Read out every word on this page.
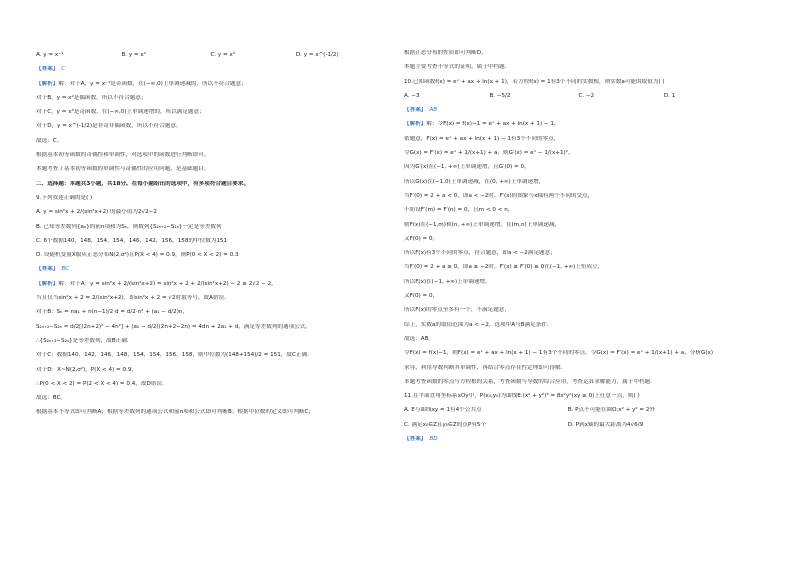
A. y = x⁻¹	B. y = x²	C. y = x³	D. y = x^(-1/2)
【答案】 C
【解析】解：对于A，y = x⁻¹是奇函数，在(−∞,0)上单调递减的，所以不符合题意；
对于B，y = x²是偶函数，所以不符合题意；
对于C，y = x³是奇函数，在(−∞,0)上单调递增的，所以满足题意；
对于D，y = x^(-1/2)是非奇非偶函数，所以不符合题意。
故选：C。
根据基本初等函数的奇偶性和单调性，对选项中的函数进行判断即可。
本题考查了基本初等函数的单调性与奇偶性的应用问题，是基础题目。
二、选择题：本题共3小题，共18分。在每小题给出的选项中，有多项符合题目要求。
9.下列叙述正确的是( )
A. y = sin²x + 2/(sin²x+2) 的最小值为2√2−2
B. 已知等差数列{aₙ}的前n项和为Sₙ，则数列{S₂ₙ₊₂−S₂ₙ}一定是等差数列
C. 6个数据140，148，154，154，146，142，156，158的中位数为151
D. 设随机变量X服从正态分布N(2,σ²)且P(X < 4) = 0.9，则P(0 < X < 2) = 0.3
【答案】 BC
【解析】解：对于A：y = sin²x + 2/(sin²x+2) = sin²x + 2 + 2/(sin²x+2) − 2 ≥ 2√2 − 2，
当且仅当sin²x + 2 = 2/(sin²x+2)，即sin²x + 2 = √2时取等号，故A错误．
对于B：Sₙ = na₁ + n(n−1)/2·d = d/2·n² + (a₁ − d/2)n，
S₂ₙ₊₂−S₂ₙ = d/2[(2n+2)² − 4n²] + (a₁ − d/2)(2n+2−2n) = 4dn + 2a₁ + d，满足等差数列的通项公式，
∴{S₂ₙ₊₂−S₂ₙ}是等差数列，故B正确．
对于C：数据140，142，146，148，154，154，156，158，则中位数为(148+154)/2 = 151，故C正确．
对于D：X~N(2,σ²)，P(X < 4) = 0.9，
∴P(0 < X < 2) = P(2 < X < 4) = 0.4，故D错误．
故选：BC。
根据基本不等式即可判断A；根据等差数列的通项公式和前n项和公式即可判断B；根据中位数的定义即可判断C；
根据正态分布的性质即可判断D。
本题主要考查不等式的证明，属于中档题．
10.已知函数f(x) = eˣ + ax + ln(x + 1)，若方程f(x) = 1有3个不同的实数根，则实数a可能的取值为( )
A. −3	B. −5/2	C. −2	D. 1
【答案】 AB
【解析】解：令F(x) = f(x)−1 = eˣ + ax + ln(x + 1) − 1，
依题意，F(x) = eˣ + ax + ln(x + 1) − 1有3个不同的零点，
令G(x) = F′(x) = eˣ + 1/(x+1) + a，则G′(x) = eˣ − 1/(x+1)²，
因为G′(x)在(−1, +∞)上单调递增，且G′(0) = 0，
所以G(x)在(−1,0)上单调递减，在(0, +∞)上单调递增，
当F′(0) = 2 + a < 0，即a < −2时，F′(x)的图象与x轴有两个不同的交点，
不妨设F′(m) = F′(n) = 0，且m < 0 < n，
则F(x)在(−1,m)和(n, +∞)上单调递增，在(m,n)上单调递减，
又F(0) = 0，
所以F(x)有3个不同的零点，符合题意，即a < −2满足题意；
当F′(0) = 2 + a ≥ 0，即a ≥ −2时，F′(x) ≥ F′(0) ≥ 0在(−1, +∞)上恒成立，
所以F(x)在(−1, +∞)上单调递增，
又F(0) = 0，
所以F(x)的零点至多有一个，不满足题意，
综上，实数a的取值范围为a < −2，选项中A与B满足条件．
故选：AB。
令F(x) = f(x)−1，则F(x) = eˣ + ax + ln(x + 1) − 1有3个不同的零点，令G(x) = F′(x) = eˣ + 1/(x+1) + a，分析G(x)
求导，利用导数判断其单调性，再结合零点存在性定理即可得解．
本题考查函数的零点与方程根的关系，考查函数与导数的综合应用，考查运算求解能力，属于中档题．
11.在平面直角坐标系xOy中，P(x₀,y₀)为曲线E:(x² + y²)³ = 8x²y²(xy ≥ 0)上任意一点，则( )
A. E与曲线xy = 1有4个公共点	B. P点不可能在圆O:x² + y² = 2外
C. 满足x₀∈Z且y₀∈Z的点P有5个	D. P到x轴的最大距离为4√6/9
【答案】 BD
